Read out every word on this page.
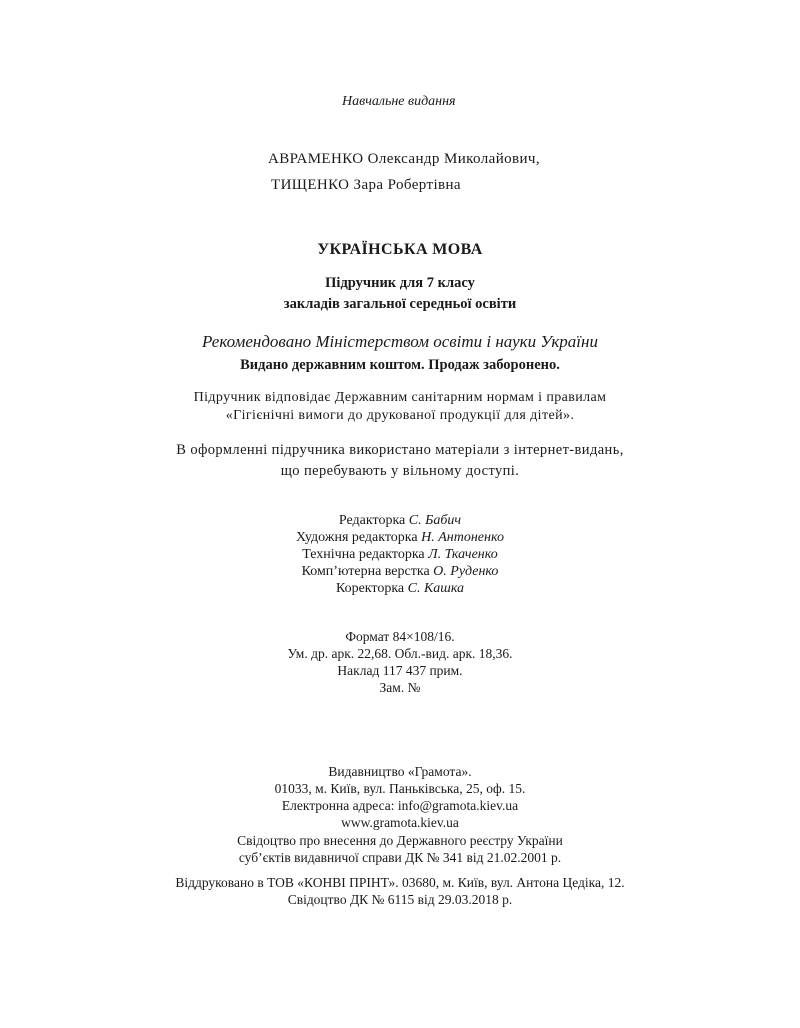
Навчальне видання
АВРАМЕНКО Олександр Миколайович,
ТИЩЕНКО Зара Робертівна
УКРАЇНСЬКА МОВА
Підручник для 7 класу
закладів загальної середньої освіти
Рекомендовано Міністерством освіти і науки України
Видано державним коштом. Продаж заборонено.
Підручник відповідає Державним санітарним нормам і правилам
«Гігієнічні вимоги до друкованої продукції для дітей».
В оформленні підручника використано матеріали з інтернет-видань,
що перебувають у вільному доступі.
Редакторка С. Бабич
Художня редакторка Н. Антоненко
Технічна редакторка Л. Ткаченко
Комп’ютерна верстка О. Руденко
Коректорка С. Кашка
Формат 84×108/16.
Ум. др. арк. 22,68. Обл.-вид. арк. 18,36.
Наклад 117 437 прим.
Зам. №
Видавництво «Грамота».
01033, м. Київ, вул. Паньківська, 25, оф. 15.
Електронна адреса: info@gramota.kiev.ua
www.gramota.kiev.ua
Свідоцтво про внесення до Державного реєстру України
суб’єктів видавничої справи ДК № 341 від 21.02.2001 р.
Віддруковано в ТОВ «КОНВІ ПРІНТ». 03680, м. Київ, вул. Антона Цедіка, 12.
Свідоцтво ДК № 6115 від 29.03.2018 р.
